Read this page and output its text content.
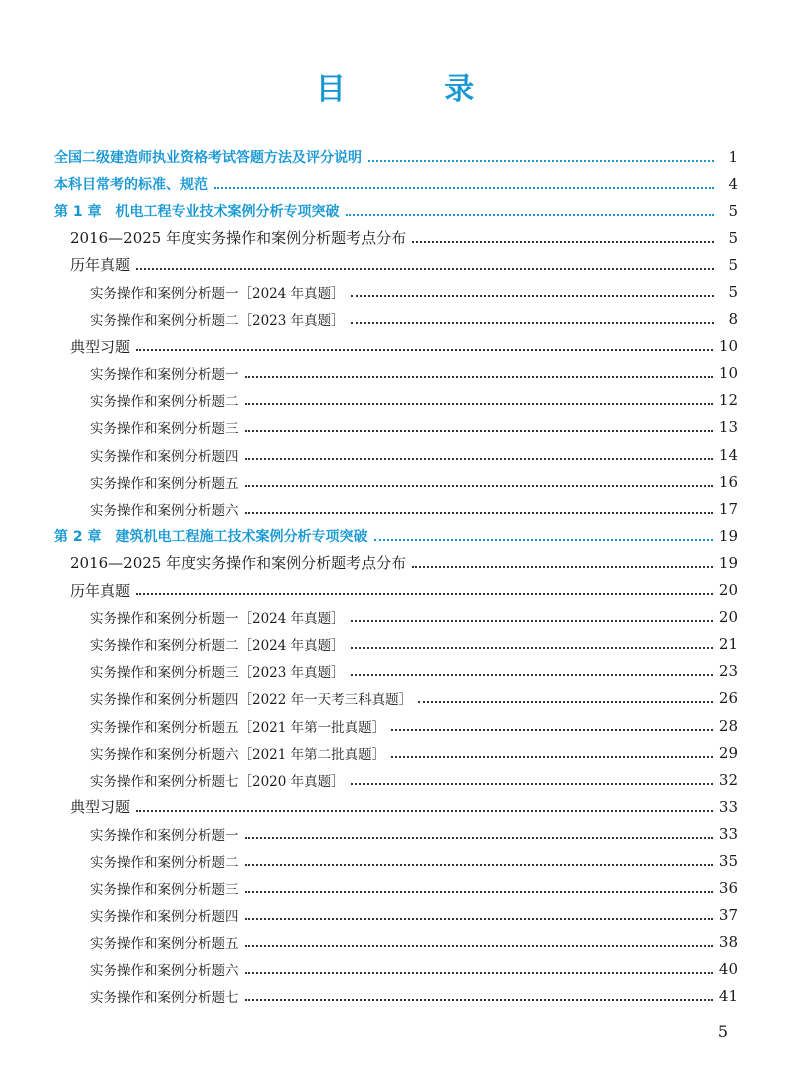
目 录
全国二级建造师执业资格考试答题方法及评分说明	1
本科目常考的标准、规范	4
第 1 章 机电工程专业技术案例分析专项突破	5
2016—2025 年度实务操作和案例分析题考点分布	5
历年真题	5
实务操作和案例分析题一［2024 年真题］	5
实务操作和案例分析题二［2023 年真题］	8
典型习题	10
实务操作和案例分析题一	10
实务操作和案例分析题二	12
实务操作和案例分析题三	13
实务操作和案例分析题四	14
实务操作和案例分析题五	16
实务操作和案例分析题六	17
第 2 章 建筑机电工程施工技术案例分析专项突破	19
2016—2025 年度实务操作和案例分析题考点分布	19
历年真题	20
实务操作和案例分析题一［2024 年真题］	20
实务操作和案例分析题二［2024 年真题］	21
实务操作和案例分析题三［2023 年真题］	23
实务操作和案例分析题四［2022 年一天考三科真题］	26
实务操作和案例分析题五［2021 年第一批真题］	28
实务操作和案例分析题六［2021 年第二批真题］	29
实务操作和案例分析题七［2020 年真题］	32
典型习题	33
实务操作和案例分析题一	33
实务操作和案例分析题二	35
实务操作和案例分析题三	36
实务操作和案例分析题四	37
实务操作和案例分析题五	38
实务操作和案例分析题六	40
实务操作和案例分析题七	41
5
